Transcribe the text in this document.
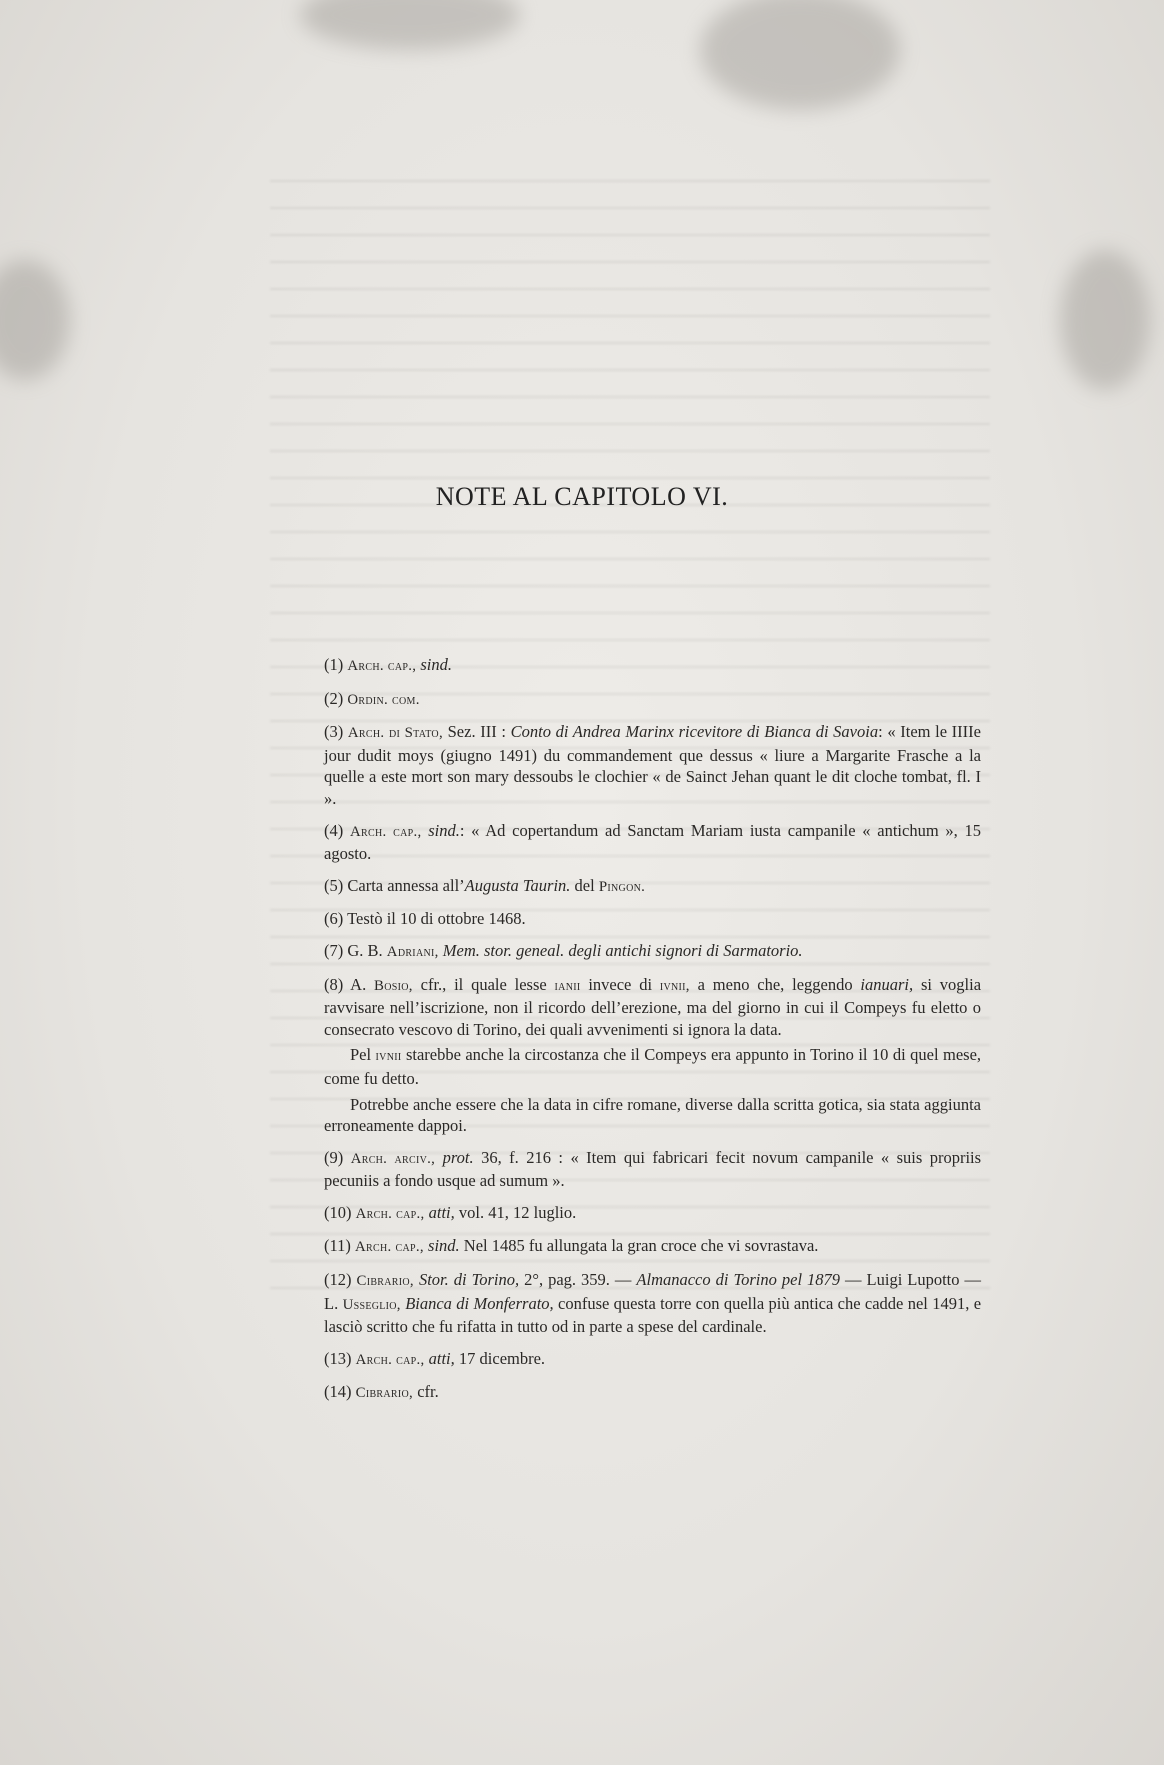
NOTE AL CAPITOLO VI.

(1) Arch. cap., sind.

(2) Ordin. com.

(3) Arch. di Stato, Sez. III : Conto di Andrea Marinx ricevitore di Bianca di Savoia: « Item le IIIIe jour dudit moys (giugno 1491) du commandement que dessus « liure a Margarite Frasche a la quelle a este mort son mary dessoubs le clochier « de Sainct Jehan quant le dit cloche tombat, fl. I ».

(4) Arch. cap., sind.: « Ad copertandum ad Sanctam Mariam iusta campanile « antichum », 15 agosto.

(5) Carta annessa all’Augusta Taurin. del Pingon.

(6) Testò il 10 di ottobre 1468.

(7) G. B. Adriani, Mem. stor. geneal. degli antichi signori di Sarmatorio.

(8) A. Bosio, cfr., il quale lesse ianii invece di ivnii, a meno che, leggendo ianuari, si voglia ravvisare nell’iscrizione, non il ricordo dell’erezione, ma del giorno in cui il Compeys fu eletto o consecrato vescovo di Torino, dei quali avvenimenti si ignora la data.

Pel ivnii starebbe anche la circostanza che il Compeys era appunto in Torino il 10 di quel mese, come fu detto.

Potrebbe anche essere che la data in cifre romane, diverse dalla scritta gotica, sia stata aggiunta erroneamente dappoi.

(9) Arch. arciv., prot. 36, f. 216 : « Item qui fabricari fecit novum campanile « suis propriis pecuniis a fondo usque ad sumum ».

(10) Arch. cap., atti, vol. 41, 12 luglio.

(11) Arch. cap., sind. Nel 1485 fu allungata la gran croce che vi sovrastava.

(12) Cibrario, Stor. di Torino, 2°, pag. 359. — Almanacco di Torino pel 1879 — Luigi Lupotto — L. Usseglio, Bianca di Monferrato, confuse questa torre con quella più antica che cadde nel 1491, e lasciò scritto che fu rifatta in tutto od in parte a spese del cardinale.

(13) Arch. cap., atti, 17 dicembre.

(14) Cibrario, cfr.
